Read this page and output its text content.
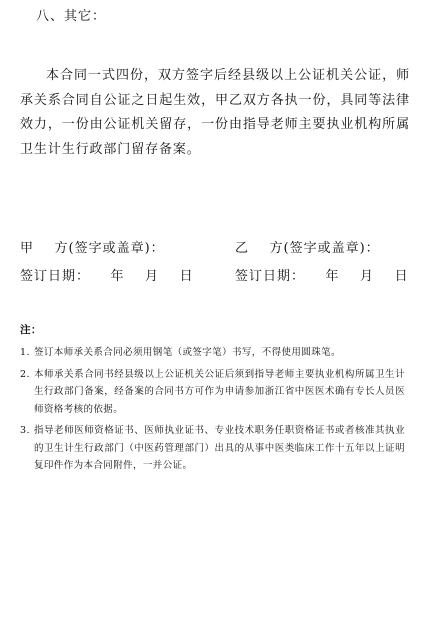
八、其它：

本合同一式四份，双方签字后经县级以上公证机关公证，师承关系合同自公证之日起生效，甲乙双方各执一份，具同等法律效力，一份由公证机关留存，一份由指导老师主要执业机构所属卫生计生行政部门留存备案。

甲    方(签字或盖章)：	乙    方(签字或盖章)：
签订日期：    年    月    日	签订日期：    年    月    日
注：
1. 签订本师承关系合同必须用钢笔（或签字笔）书写，不得使用圆珠笔。
2. 本师承关系合同书经县级以上公证机关公证后须到指导老师主要执业机构所属卫生计生行政部门备案，经备案的合同书方可作为申请参加浙江省中医医术确有专长人员医师资格考核的依据。
3. 指导老师医师资格证书、医师执业证书、专业技术职务任职资格证书或者核准其执业的卫生计生行政部门（中医药管理部门）出具的从事中医类临床工作十五年以上证明复印件作为本合同附件，一并公证。
